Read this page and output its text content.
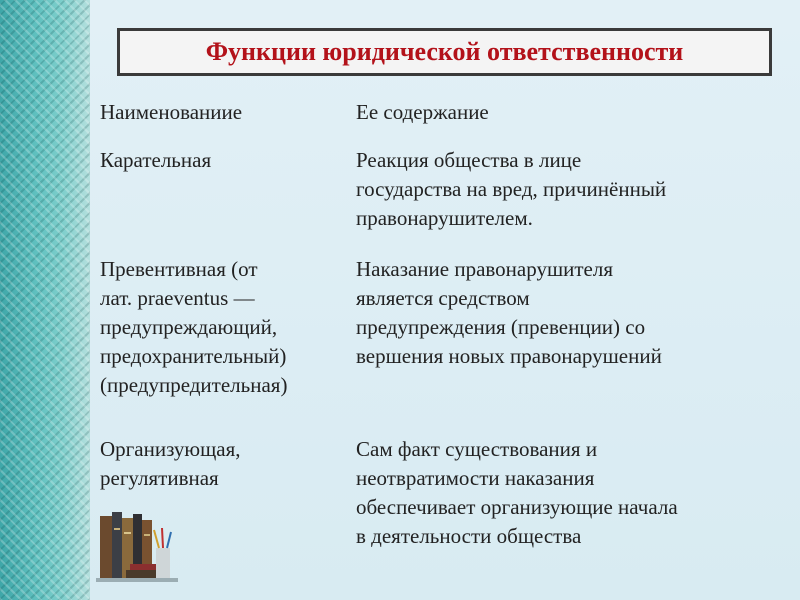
Функции юридической ответственности
Наименованиие	Ее содержание
Карательная	Реакция общества в лице
государства на вред, причинённый
правонарушителем.
Превентивная (от
лат. praeventus —
предупреждающий,
предохранительный)
(предупредительная)
Наказание правонарушителя
является средством
предупреждения (превенции) со
вершения новых правонарушений
Организующая,
регулятивная
Сам факт существования и
неотвратимости наказания
обеспечивает организующие начала
в деятельности общества
